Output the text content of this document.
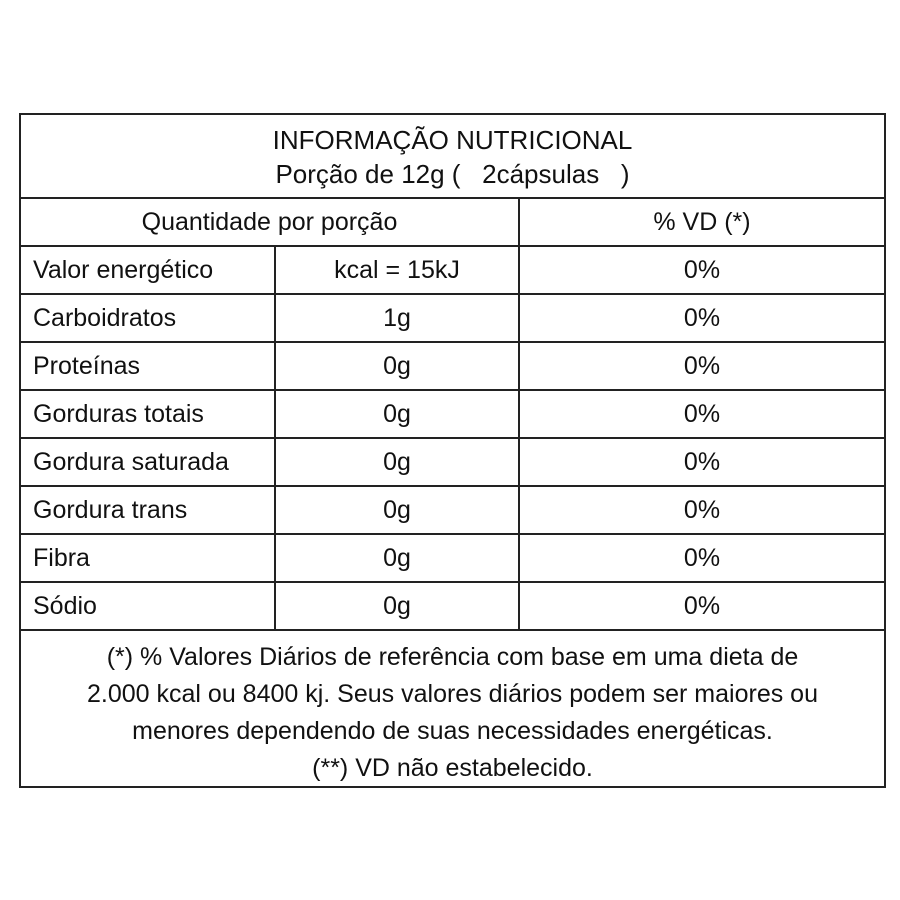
INFORMAÇÃO NUTRICIONAL
Porção de 12g (   2cápsulas   )
Quantidade por porção	% VD (*)
Valor energético	kcal = 15kJ	0%
Carboidratos	1g	0%
Proteínas	0g	0%
Gorduras totais	0g	0%
Gordura saturada	0g	0%
Gordura trans	0g	0%
Fibra	0g	0%
Sódio	0g	0%
(*) % Valores Diários de referência com base em uma dieta de
2.000 kcal ou 8400 kj. Seus valores diários podem ser maiores ou
menores dependendo de suas necessidades energéticas.
(**) VD não estabelecido.
